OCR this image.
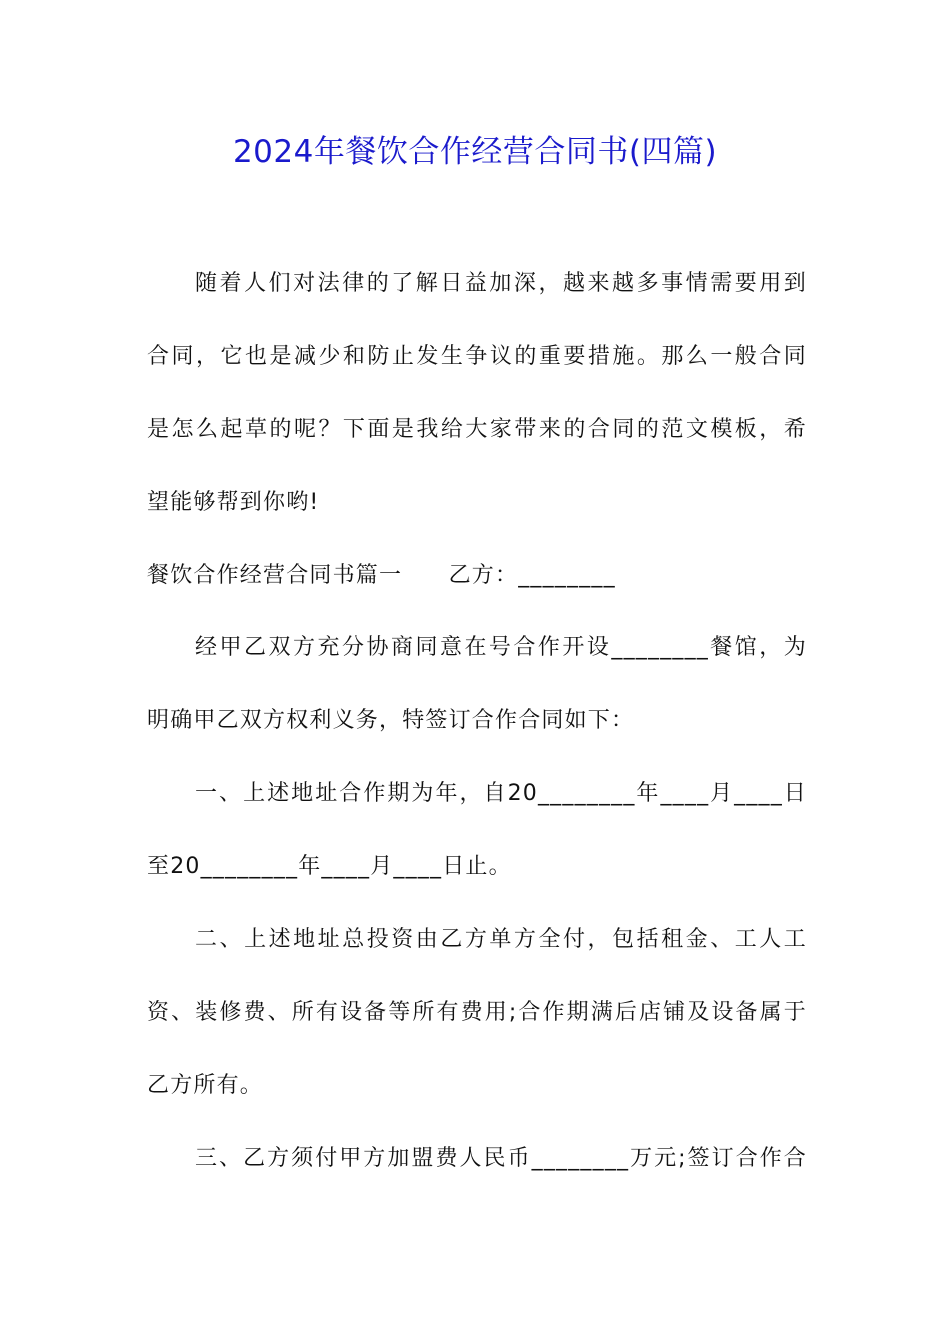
2024年餐饮合作经营合同书(四篇)
随着人们对法律的了解日益加深，越来越多事情需要用到
合同，它也是减少和防止发生争议的重要措施。那么一般合同
是怎么起草的呢？下面是我给大家带来的合同的范文模板，希
望能够帮到你哟!
餐饮合作经营合同书篇一　　乙方：________
经甲乙双方充分协商同意在号合作开设________餐馆，为
明确甲乙双方权利义务，特签订合作合同如下：
一、上述地址合作期为年，自20________年____月____日
至20________年____月____日止。
二、上述地址总投资由乙方单方全付，包括租金、工人工
资、装修费、所有设备等所有费用;合作期满后店铺及设备属于
乙方所有。
三、乙方须付甲方加盟费人民币________万元;签订合作合
